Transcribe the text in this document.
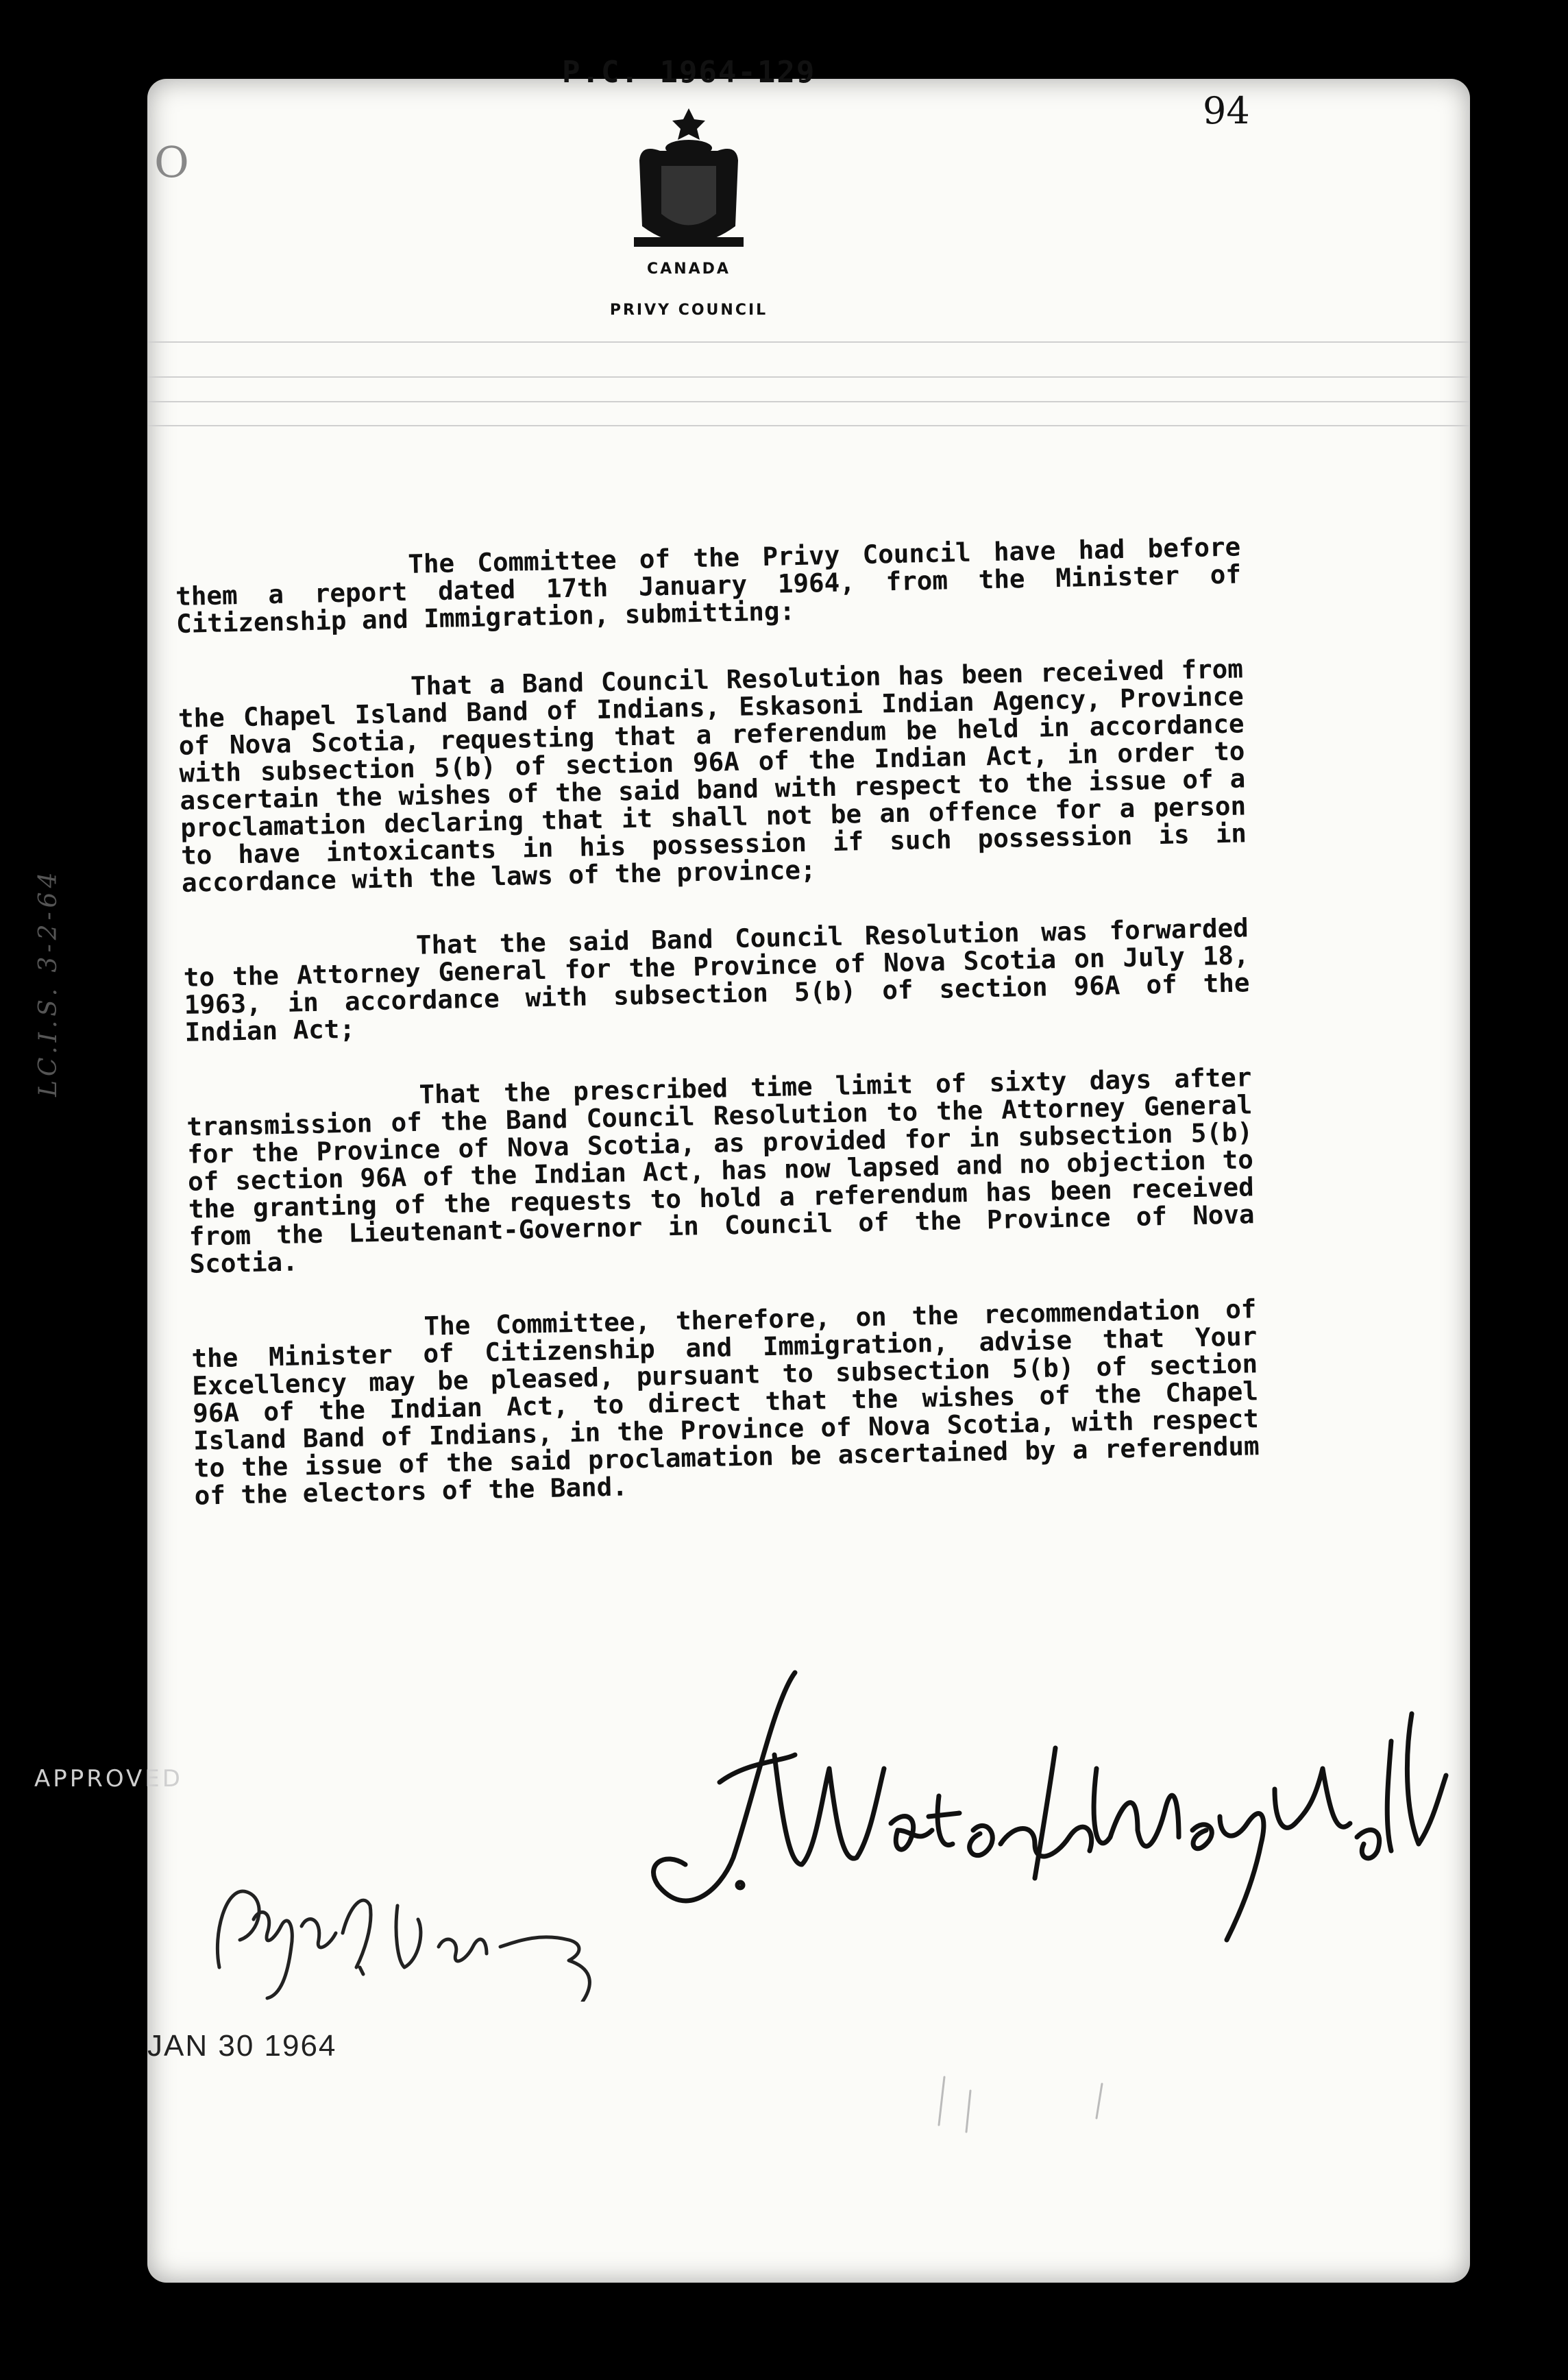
P.C. 1964-129
94
O
CANADA
PRIVY COUNCIL
LC.I.S. 3-2-64

The Committee of the Privy Council have had before them a report dated 17th January 1964, from the Minister of Citizenship and Immigration, submitting:

That a Band Council Resolution has been received from the Chapel Island Band of Indians, Eskasoni Indian Agency, Province of Nova Scotia, requesting that a referendum be held in accordance with subsection 5(b) of section 96A of the Indian Act, in order to ascertain the wishes of the said band with respect to the issue of a proclamation declaring that it shall not be an offence for a person to have intoxicants in his possession if such possession is in accordance with the laws of the province;

That the said Band Council Resolution was forwarded to the Attorney General for the Province of Nova Scotia on July 18, 1963, in accordance with subsection 5(b) of section 96A of the Indian Act;

That the prescribed time limit of sixty days after transmission of the Band Council Resolution to the Attorney General for the Province of Nova Scotia, as provided for in subsection 5(b) of section 96A of the Indian Act, has now lapsed and no objection to the granting of the requests to hold a referendum has been received from the Lieutenant-Governor in Council of the Province of Nova Scotia.

The Committee, therefore, on the recommendation of the Minister of Citizenship and Immigration, advise that Your Excellency may be pleased, pursuant to subsection 5(b) of section 96A of the Indian Act, to direct that the wishes of the Chapel Island Band of Indians, in the Province of Nova Scotia, with respect to the issue of the said proclamation be ascertained by a referendum of the electors of the Band.

APPROVED
JAN 30 1964
